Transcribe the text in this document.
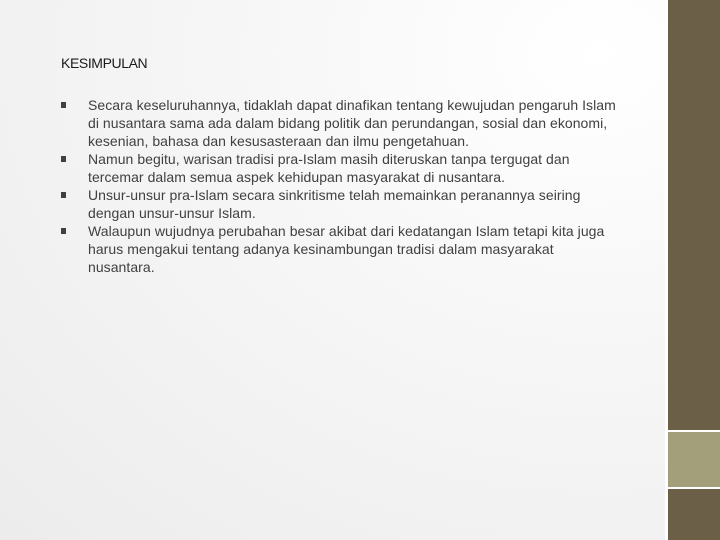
KESIMPULAN
Secara keseluruhannya, tidaklah dapat dinafikan tentang kewujudan pengaruh Islam di nusantara sama ada dalam bidang politik dan perundangan, sosial dan ekonomi, kesenian, bahasa dan kesusasteraan dan ilmu pengetahuan.
Namun begitu, warisan tradisi pra-Islam masih diteruskan tanpa tergugat dan tercemar dalam semua aspek kehidupan masyarakat di nusantara.
Unsur-unsur pra-Islam secara sinkritisme telah memainkan peranannya seiring dengan unsur-unsur Islam.
Walaupun wujudnya perubahan besar akibat dari kedatangan Islam tetapi kita juga harus mengakui tentang adanya kesinambungan tradisi dalam masyarakat nusantara.
